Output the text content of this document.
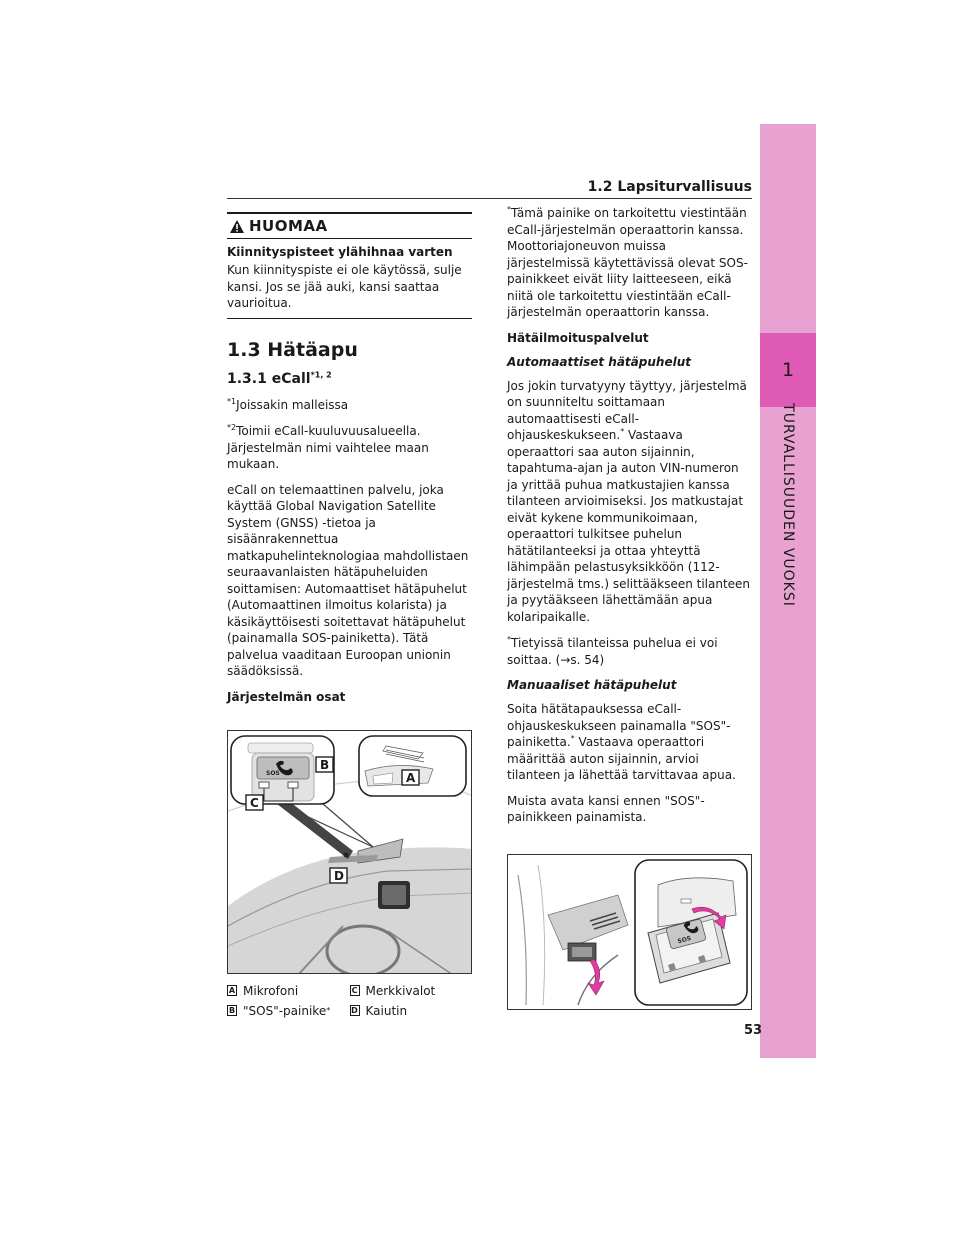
1
TURVALLISUUDEN VUOKSI
1.2 Lapsiturvallisuus
HUOMAA
Kiinnityspisteet ylähihnaa varten
Kun kiinnityspiste ei ole käytössä, sulje kansi. Jos se jää auki, kansi saattaa vaurioitua.
1.3 Hätäapu
1.3.1 eCall$^{*1, 2}$
$^{*1}$Joissakin malleissa
$^{*2}$Toimii eCall-kuuluvuusalueella. Järjestelmän nimi vaihtelee maan mukaan.
eCall on telemaattinen palvelu, joka käyttää Global Navigation Satellite System (GNSS) -tietoa ja sisäänrakennettua matkapuhelinteknologiaa mahdollistaen seuraavanlaisten hätäpuheluiden soittamisen: Automaattiset hätäpuhelut (Automaattinen ilmoitus kolarista) ja käsikäyttöisesti soitettavat hätäpuhelut (painamalla SOS-painiketta). Tätä palvelua vaaditaan Euroopan unionin säädöksissä.
Järjestelmän osat
SOS	A
B
C
D
A Mikrofoni	C Merkkivalot
B "SOS"-painike *	D Kaiutin
*Tämä painike on tarkoitettu viestintään eCall-järjestelmän operaattorin kanssa. Moottoriajoneuvon muissa järjestelmissä käytettävissä olevat SOS-painikkeet eivät liity laitteeseen, eikä niitä ole tarkoitettu viestintään eCall-järjestelmän operaattorin kanssa.
Hätäilmoituspalvelut
Automaattiset hätäpuhelut
Jos jokin turvatyyny täyttyy, järjestelmä on suunniteltu soittamaan automaattisesti eCall-ohjauskeskukseen.* Vastaava operaattori saa auton sijainnin, tapahtuma-ajan ja auton VIN-numeron ja yrittää puhua matkustajien kanssa tilanteen arvioimiseksi. Jos matkustajat eivät kykene kommunikoimaan, operaattori tulkitsee puhelun hätätilanteeksi ja ottaa yhteyttä lähimpään pelastusyksikköön (112-järjestelmä tms.) selittääkseen tilanteen ja pyytääkseen lähettämään apua kolaripaikalle.
*Tietyissä tilanteissa puhelua ei voi soittaa. (→s. 54)
Manuaaliset hätäpuhelut
Soita hätätapauksessa eCall-ohjauskeskukseen painamalla "SOS"-painiketta.* Vastaava operaattori määrittää auton sijainnin, arvioi tilanteen ja lähettää tarvittavaa apua.
Muista avata kansi ennen "SOS"-painikkeen painamista.
SOS
53
